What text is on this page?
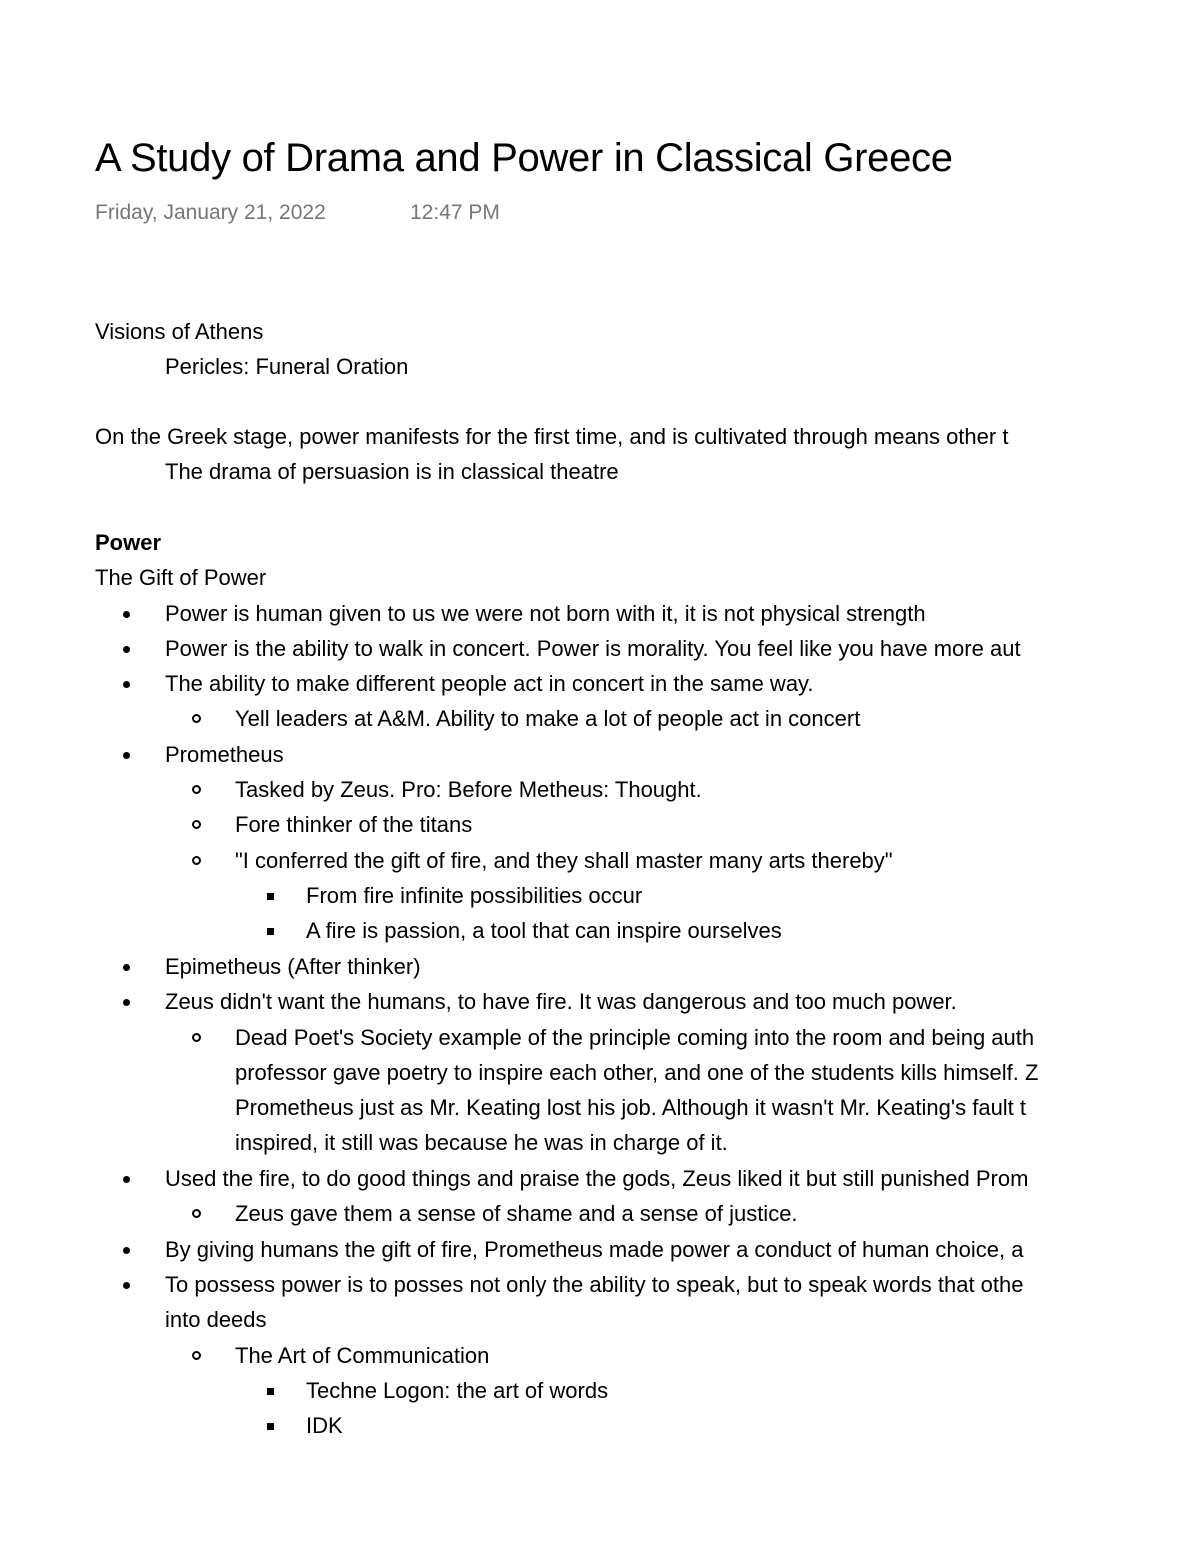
A Study of Drama and Power in Classical Greece
Friday, January 21, 2022	12:47 PM
Visions of Athens
Pericles: Funeral Oration
On the Greek stage, power manifests for the first time, and is cultivated through means other t
The drama of persuasion is in classical theatre
Power
The Gift of Power
Power is human given to us we were not born with it, it is not physical strength
Power is the ability to walk in concert. Power is morality. You feel like you have more aut
The ability to make different people act in concert in the same way.
Yell leaders at A&M. Ability to make a lot of people act in concert
Prometheus
Tasked by Zeus. Pro: Before Metheus: Thought.
Fore thinker of the titans
"I conferred the gift of fire, and they shall master many arts thereby"
From fire infinite possibilities occur
A fire is passion, a tool that can inspire ourselves
Epimetheus (After thinker)
Zeus didn't want the humans, to have fire. It was dangerous and too much power.
Dead Poet's Society example of the principle coming into the room and being auth
professor gave poetry to inspire each other, and one of the students kills himself. Z
Prometheus just as Mr. Keating lost his job. Although it wasn't Mr. Keating's fault t
inspired, it still was because he was in charge of it.
Used the fire, to do good things and praise the gods, Zeus liked it but still punished Prom
Zeus gave them a sense of shame and a sense of justice.
By giving humans the gift of fire, Prometheus made power a conduct of human choice, a
To possess power is to posses not only the ability to speak, but to speak words that othe
into deeds
The Art of Communication
Techne Logon: the art of words
IDK
